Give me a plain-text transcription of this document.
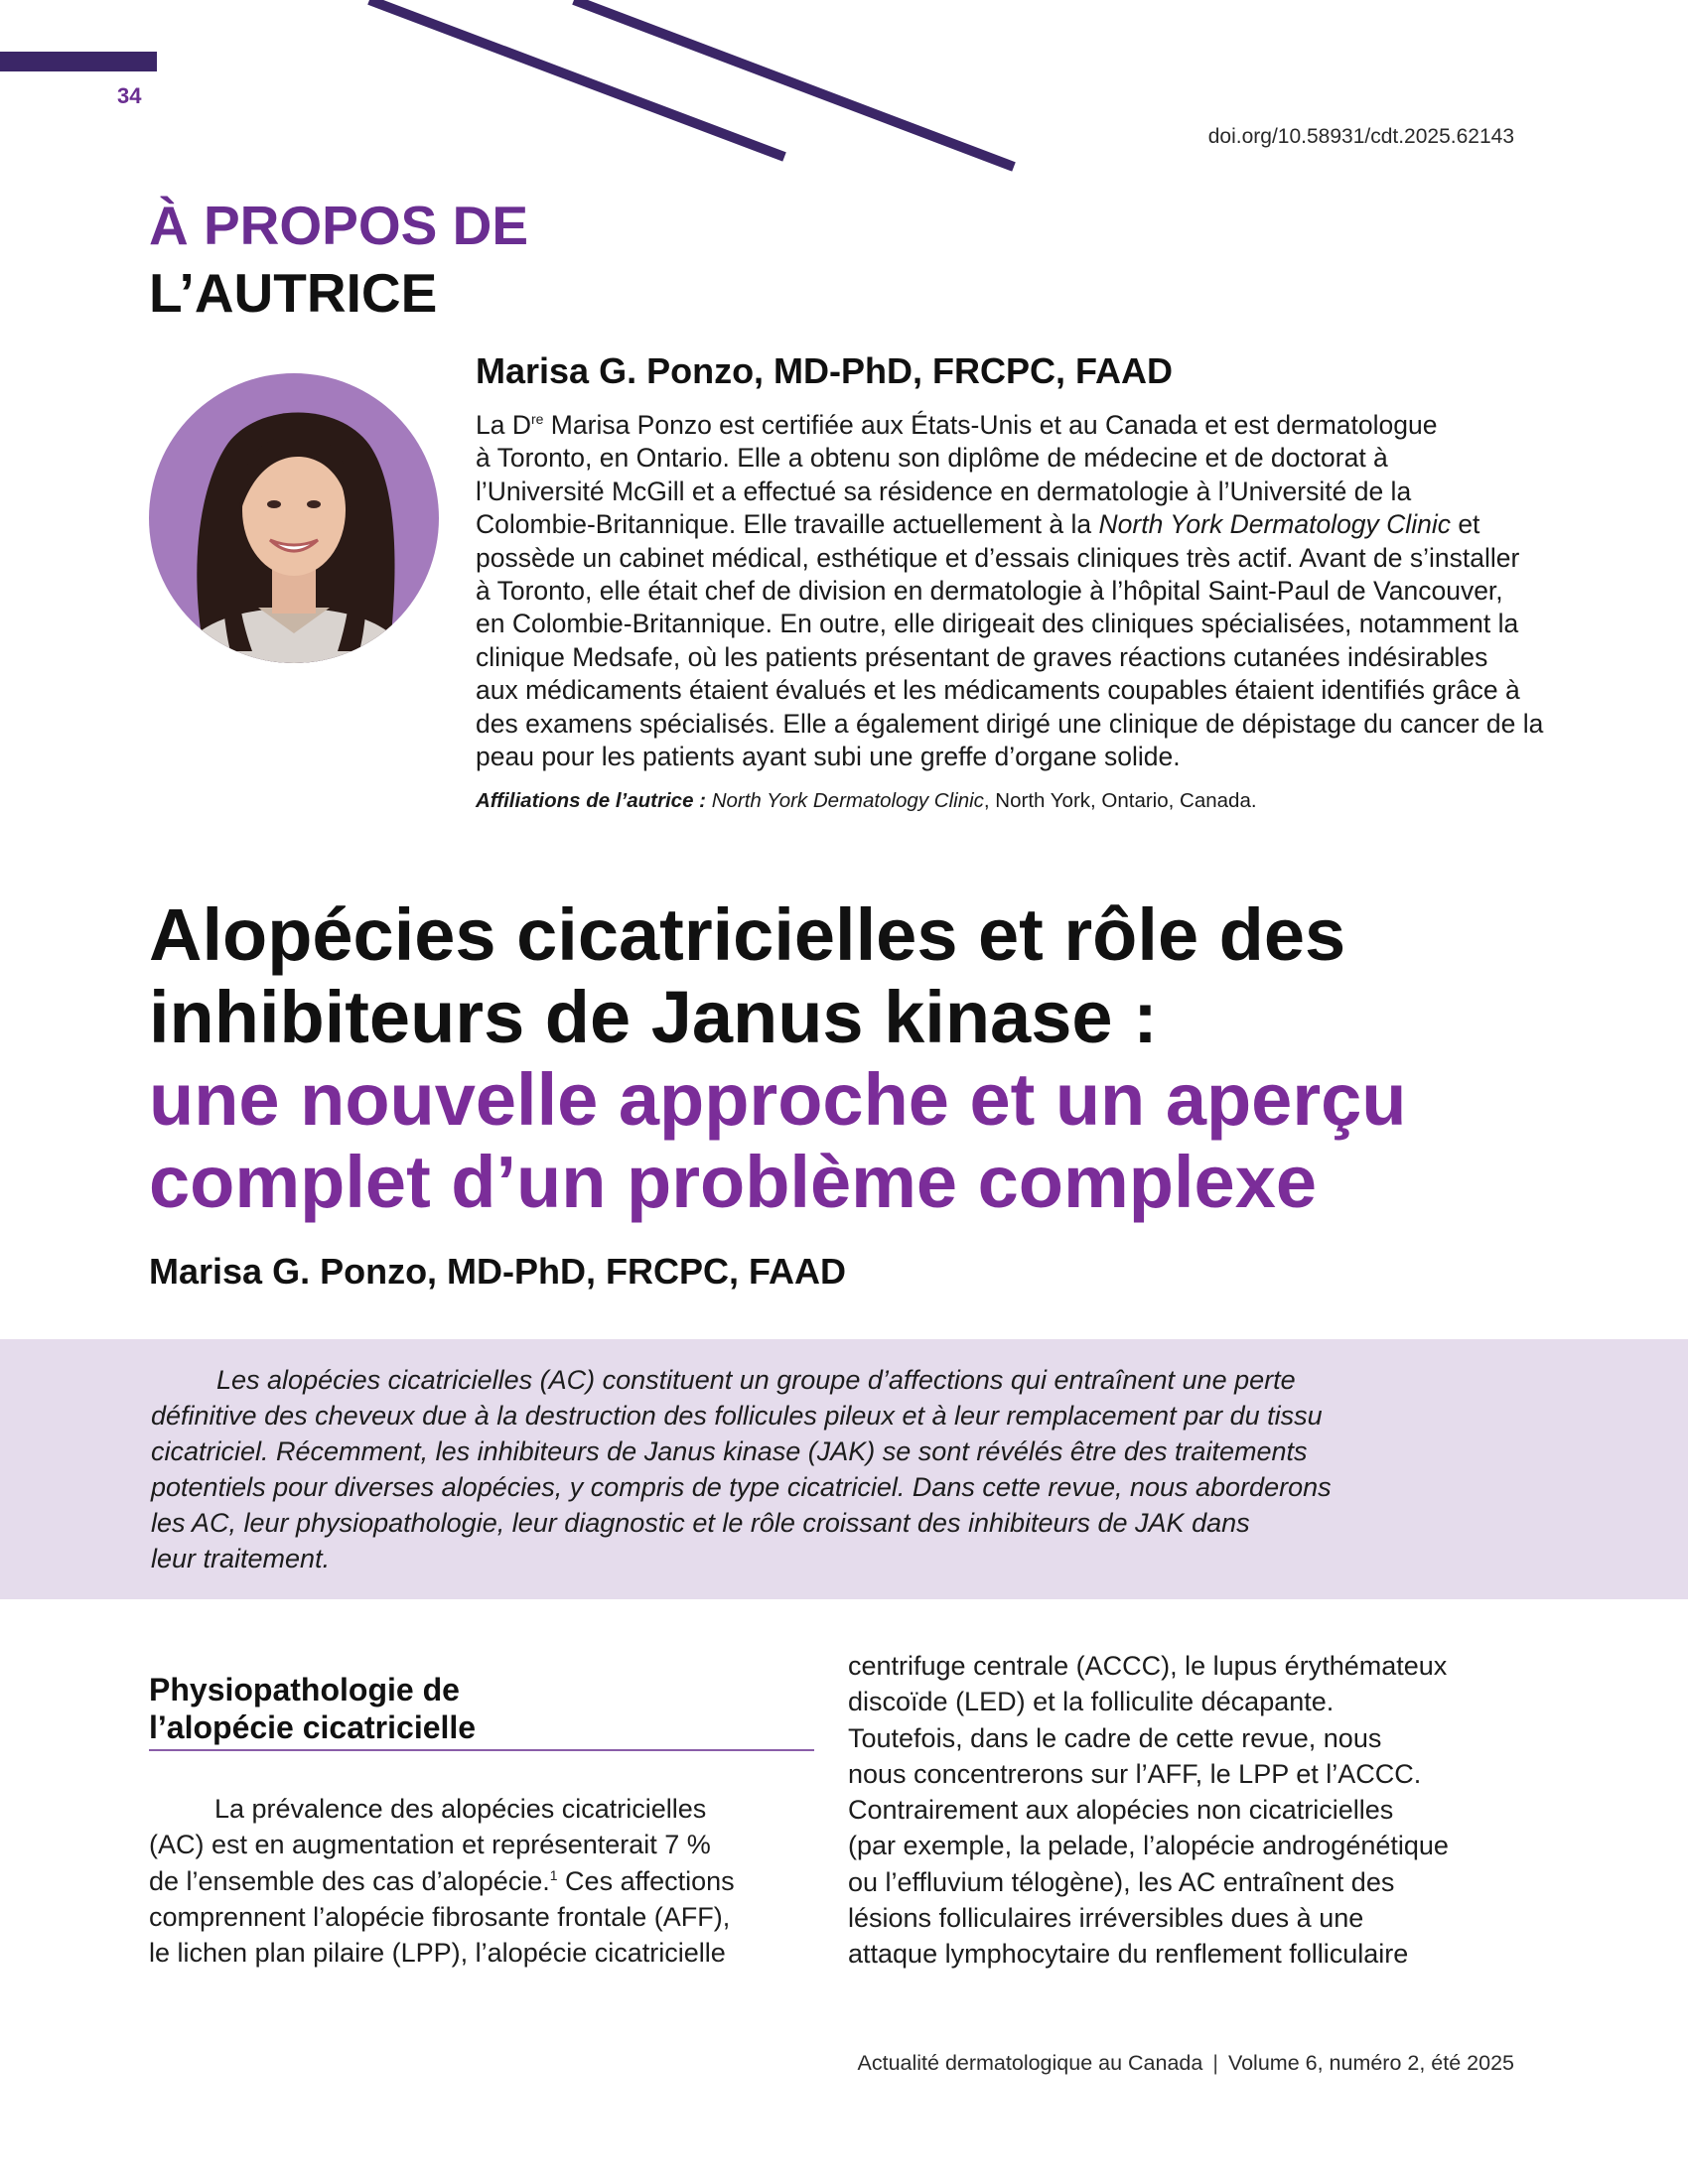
34
doi.org/10.58931/cdt.2025.62143
À PROPOS DE
L’AUTRICE
Marisa G. Ponzo, MD-PhD, FRCPC, FAAD
La Dre Marisa Ponzo est certifiée aux États-Unis et au Canada et est dermatologue
à Toronto, en Ontario. Elle a obtenu son diplôme de médecine et de doctorat à
l’Université McGill et a effectué sa résidence en dermatologie à l’Université de la
Colombie-Britannique. Elle travaille actuellement à la North York Dermatology Clinic et
possède un cabinet médical, esthétique et d’essais cliniques très actif. Avant de s’installer
à Toronto, elle était chef de division en dermatologie à l’hôpital Saint-Paul de Vancouver,
en Colombie-Britannique. En outre, elle dirigeait des cliniques spécialisées, notamment la
clinique Medsafe, où les patients présentant de graves réactions cutanées indésirables
aux médicaments étaient évalués et les médicaments coupables étaient identifiés grâce à
des examens spécialisés. Elle a également dirigé une clinique de dépistage du cancer de la
peau pour les patients ayant subi une greffe d’organe solide.
Affiliations de l’autrice : North York Dermatology Clinic, North York, Ontario, Canada.
Alopécies cicatricielles et rôle des
inhibiteurs de Janus kinase :
une nouvelle approche et un aperçu
complet d’un problème complexe
Marisa G. Ponzo, MD-PhD, FRCPC, FAAD
Les alopécies cicatricielles (AC) constituent un groupe d’affections qui entraînent une perte
définitive des cheveux due à la destruction des follicules pileux et à leur remplacement par du tissu
cicatriciel. Récemment, les inhibiteurs de Janus kinase (JAK) se sont révélés être des traitements
potentiels pour diverses alopécies, y compris de type cicatriciel. Dans cette revue, nous aborderons
les AC, leur physiopathologie, leur diagnostic et le rôle croissant des inhibiteurs de JAK dans
leur traitement.
Physiopathologie de
l’alopécie cicatricielle
La prévalence des alopécies cicatricielles
(AC) est en augmentation et représenterait 7 %
de l’ensemble des cas d’alopécie.$^1$ Ces affections
comprennent l’alopécie fibrosante frontale (AFF),
le lichen plan pilaire (LPP), l’alopécie cicatricielle
centrifuge centrale (ACCC), le lupus érythémateux
discoïde (LED) et la folliculite décapante.
Toutefois, dans le cadre de cette revue, nous
nous concentrerons sur l’AFF, le LPP et l’ACCC.
Contrairement aux alopécies non cicatricielles
(par exemple, la pelade, l’alopécie androgénétique
ou l’effluvium télogène), les AC entraînent des
lésions folliculaires irréversibles dues à une
attaque lymphocytaire du renflement folliculaire
Actualité dermatologique au Canada | Volume 6, numéro 2, été 2025
